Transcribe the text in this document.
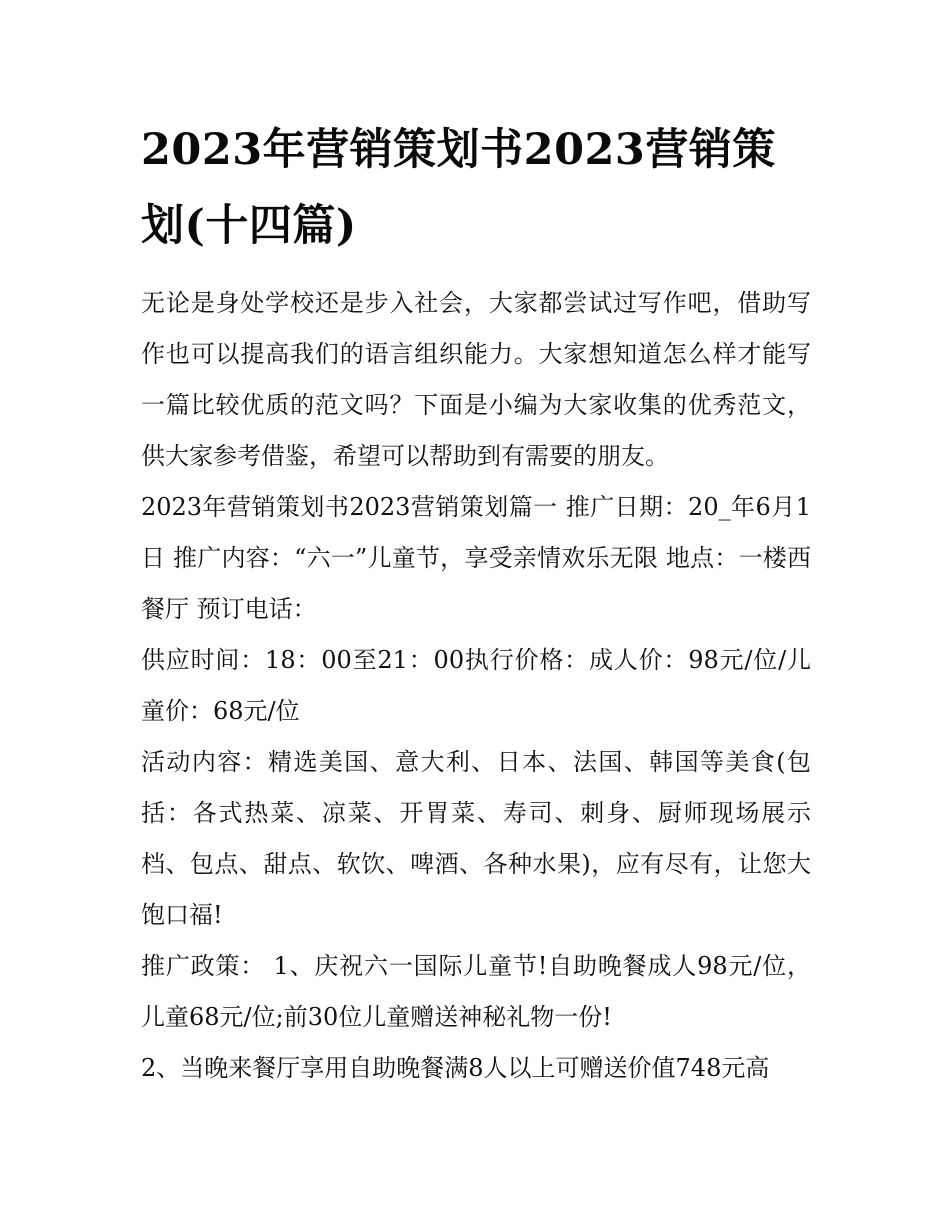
2023年营销策划书2023营销策划(十四篇)

无论是身处学校还是步入社会，大家都尝试过写作吧，借助写作也可以提高我们的语言组织能力。大家想知道怎么样才能写一篇比较优质的范文吗？下面是小编为大家收集的优秀范文，供大家参考借鉴，希望可以帮助到有需要的朋友。

2023年营销策划书2023营销策划篇一 推广日期：20_年6月1日 推广内容：“六一”儿童节，享受亲情欢乐无限 地点：一楼西餐厅 预订电话：

供应时间：18：00至21：00执行价格：成人价：98元/位/儿童价：68元/位

活动内容：精选美国、意大利、日本、法国、韩国等美食(包括：各式热菜、凉菜、开胃菜、寿司、刺身、厨师现场展示档、包点、甜点、软饮、啤酒、各种水果)，应有尽有，让您大饱口福!

推广政策： 1、庆祝六一国际儿童节!自助晚餐成人98元/位，儿童68元/位;前30位儿童赠送神秘礼物一份!

2、当晚来餐厅享用自助晚餐满8人以上可赠送价值748元高
